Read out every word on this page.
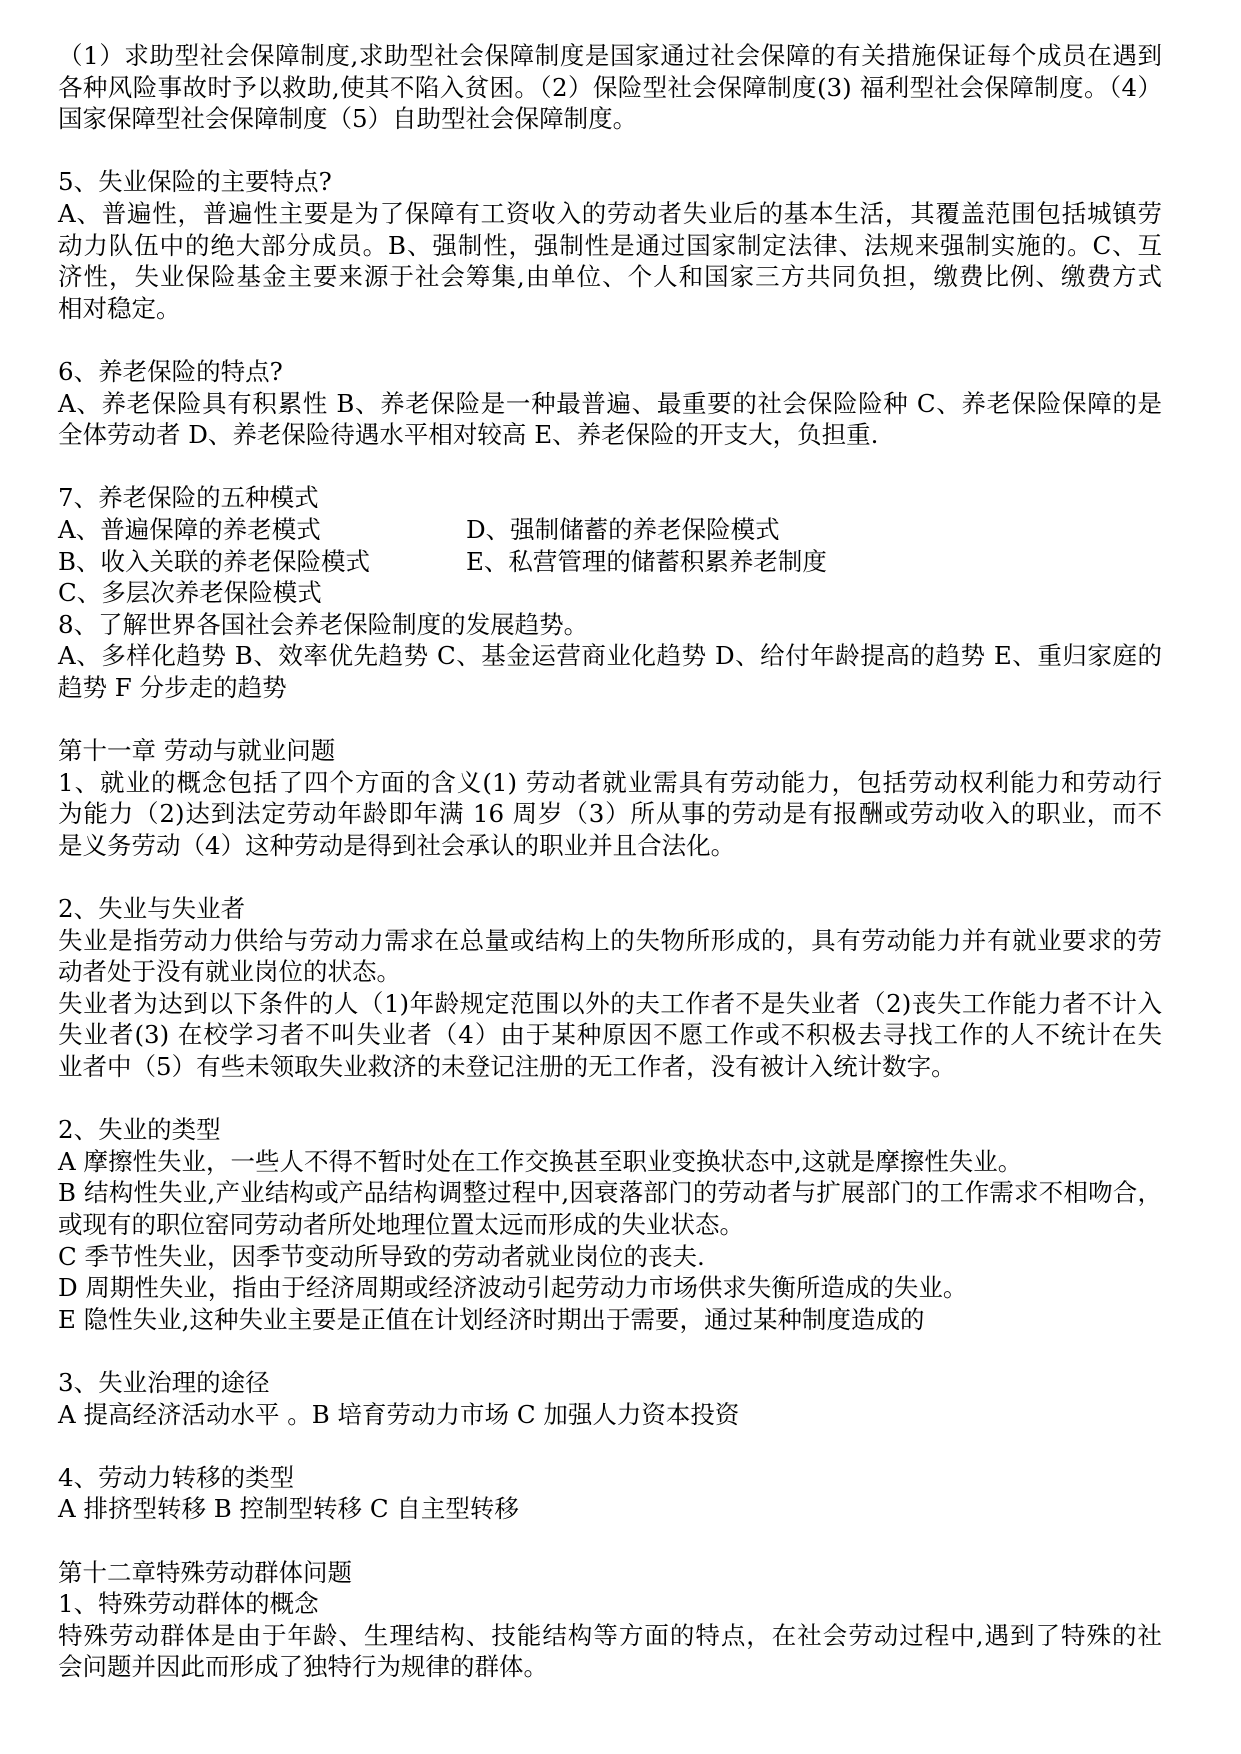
（1）求助型社会保障制度,求助型社会保障制度是国家通过社会保障的有关措施保证每个成员在遇到
各种风险事故时予以救助,使其不陷入贫困。（2）保险型社会保障制度(3) 福利型社会保障制度。（4）
国家保障型社会保障制度（5）自助型社会保障制度。
5、失业保险的主要特点?
A、普遍性，普遍性主要是为了保障有工资收入的劳动者失业后的基本生活，其覆盖范围包括城镇劳
动力队伍中的绝大部分成员。B、强制性，强制性是通过国家制定法律、法规来强制实施的。C、互
济性，失业保险基金主要来源于社会筹集,由单位、个人和国家三方共同负担，缴费比例、缴费方式
相对稳定。
6、养老保险的特点?
A、养老保险具有积累性 B、养老保险是一种最普遍、最重要的社会保险险种 C、养老保险保障的是
全体劳动者 D、养老保险待遇水平相对较高 E、养老保险的开支大，负担重.
7、养老保险的五种模式
A、普遍保障的养老模式	D、强制储蓄的养老保险模式
B、收入关联的养老保险模式	E、私营管理的储蓄积累养老制度
C、多层次养老保险模式
8、了解世界各国社会养老保险制度的发展趋势。
A、多样化趋势 B、效率优先趋势 C、基金运营商业化趋势 D、给付年龄提高的趋势 E、重归家庭的
趋势 F 分步走的趋势
第十一章 劳动与就业问题
1、就业的概念包括了四个方面的含义(1) 劳动者就业需具有劳动能力，包括劳动权利能力和劳动行
为能力（2)达到法定劳动年龄即年满 16 周岁（3）所从事的劳动是有报酬或劳动收入的职业，而不
是义务劳动（4）这种劳动是得到社会承认的职业并且合法化。
2、失业与失业者
失业是指劳动力供给与劳动力需求在总量或结构上的失物所形成的，具有劳动能力并有就业要求的劳
动者处于没有就业岗位的状态。
失业者为达到以下条件的人（1)年龄规定范围以外的夫工作者不是失业者（2)丧失工作能力者不计入
失业者(3) 在校学习者不叫失业者（4）由于某种原因不愿工作或不积极去寻找工作的人不统计在失
业者中（5）有些未领取失业救济的未登记注册的无工作者，没有被计入统计数字。
2、失业的类型
A 摩擦性失业，一些人不得不暂时处在工作交换甚至职业变换状态中,这就是摩擦性失业。
B 结构性失业,产业结构或产品结构调整过程中,因衰落部门的劳动者与扩展部门的工作需求不相吻合，
或现有的职位窑同劳动者所处地理位置太远而形成的失业状态。
C 季节性失业，因季节变动所导致的劳动者就业岗位的丧夫.
D 周期性失业，指由于经济周期或经济波动引起劳动力市场供求失衡所造成的失业。
E 隐性失业,这种失业主要是正值在计划经济时期出于需要，通过某种制度造成的
3、失业治理的途径
A 提高经济活动水平 。B 培育劳动力市场 C 加强人力资本投资
4、劳动力转移的类型
A 排挤型转移 B 控制型转移 C 自主型转移
第十二章特殊劳动群体问题
1、特殊劳动群体的概念
特殊劳动群体是由于年龄、生理结构、技能结构等方面的特点，在社会劳动过程中,遇到了特殊的社
会问题并因此而形成了独特行为规律的群体。
